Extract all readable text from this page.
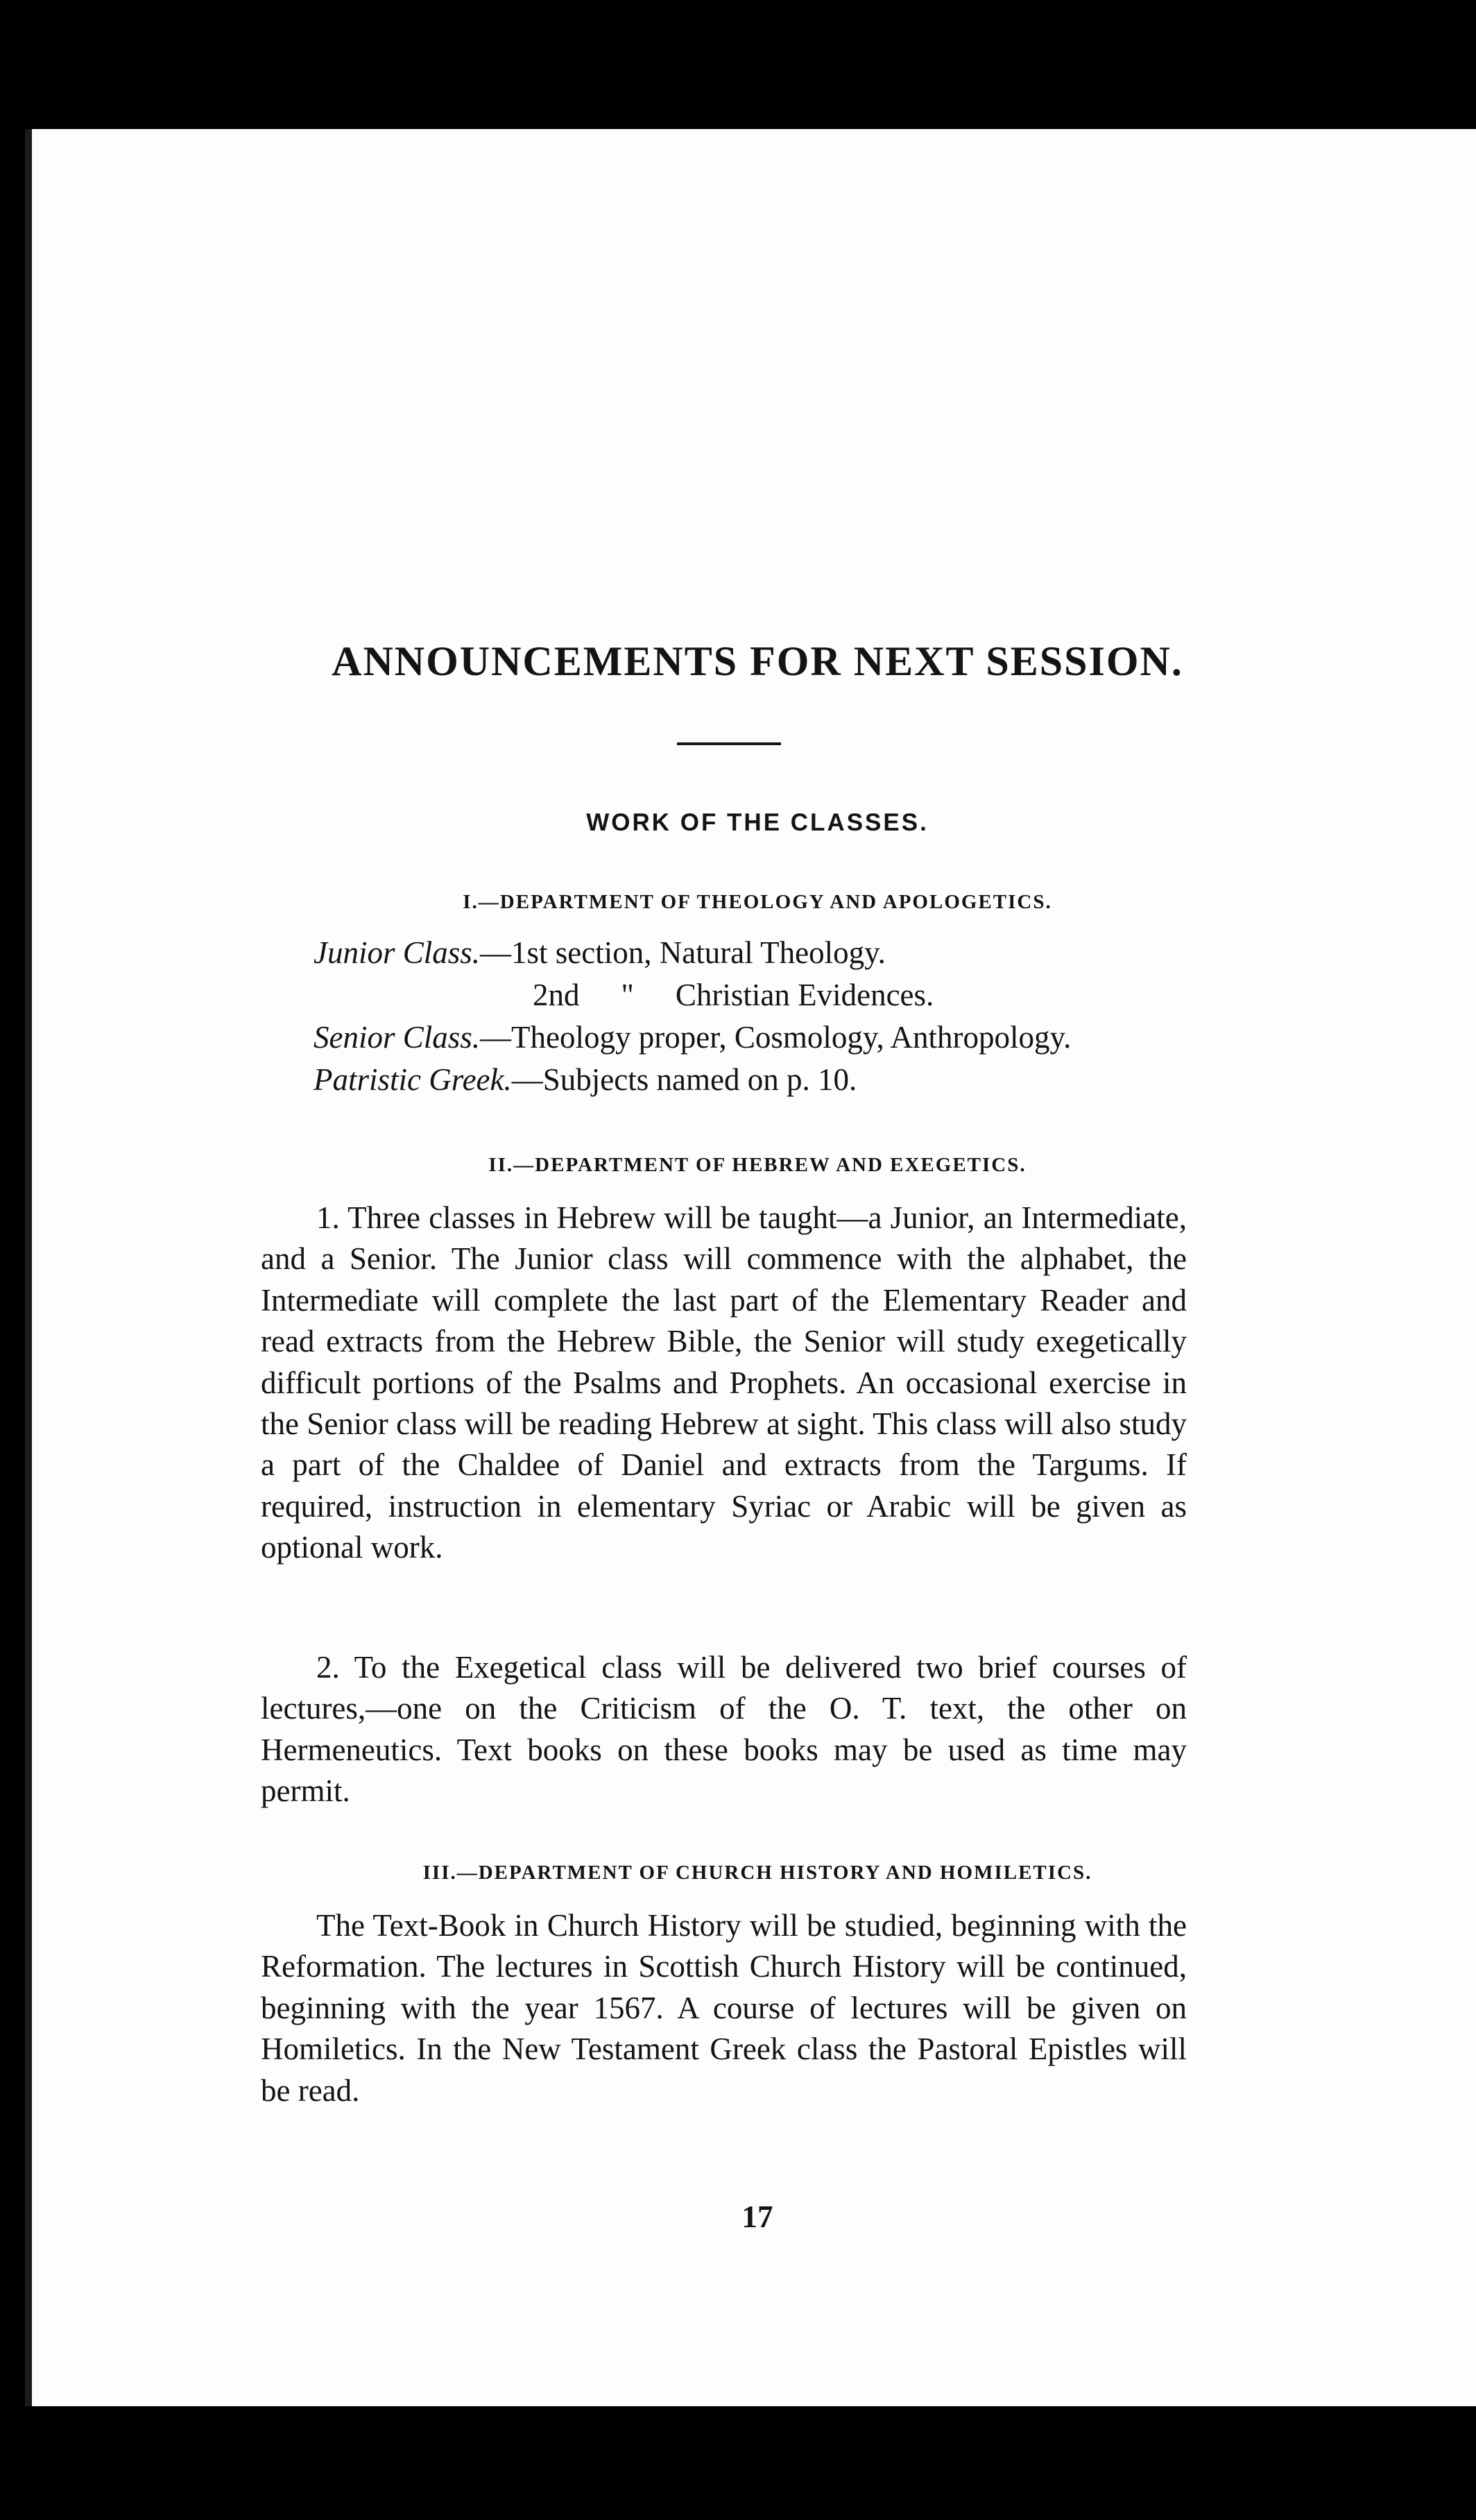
ANNOUNCEMENTS FOR NEXT SESSION.
WORK OF THE CLASSES.
I.—DEPARTMENT OF THEOLOGY AND APOLOGETICS.
Junior Class.—1st section, Natural Theology.
2nd " Christian Evidences.
Senior Class.—Theology proper, Cosmology, Anthropology.
Patristic Greek.—Subjects named on p. 10.
II.—DEPARTMENT OF HEBREW AND EXEGETICS.

1. Three classes in Hebrew will be taught—a Junior, an Intermediate, and a Senior. The Junior class will commence with the alphabet, the Intermediate will complete the last part of the Elementary Reader and read extracts from the Hebrew Bible, the Senior will study exegetically difficult portions of the Psalms and Prophets. An occasional exercise in the Senior class will be reading Hebrew at sight. This class will also study a part of the Chaldee of Daniel and extracts from the Targums. If required, instruction in elementary Syriac or Arabic will be given as optional work.

2. To the Exegetical class will be delivered two brief courses of lectures,—one on the Criticism of the O. T. text, the other on Hermeneutics. Text books on these books may be used as time may permit.

III.—DEPARTMENT OF CHURCH HISTORY AND HOMILETICS.

The Text-Book in Church History will be studied, beginning with the Reformation. The lectures in Scottish Church History will be continued, beginning with the year 1567. A course of lectures will be given on Homiletics. In the New Testament Greek class the Pastoral Epistles will be read.

17
